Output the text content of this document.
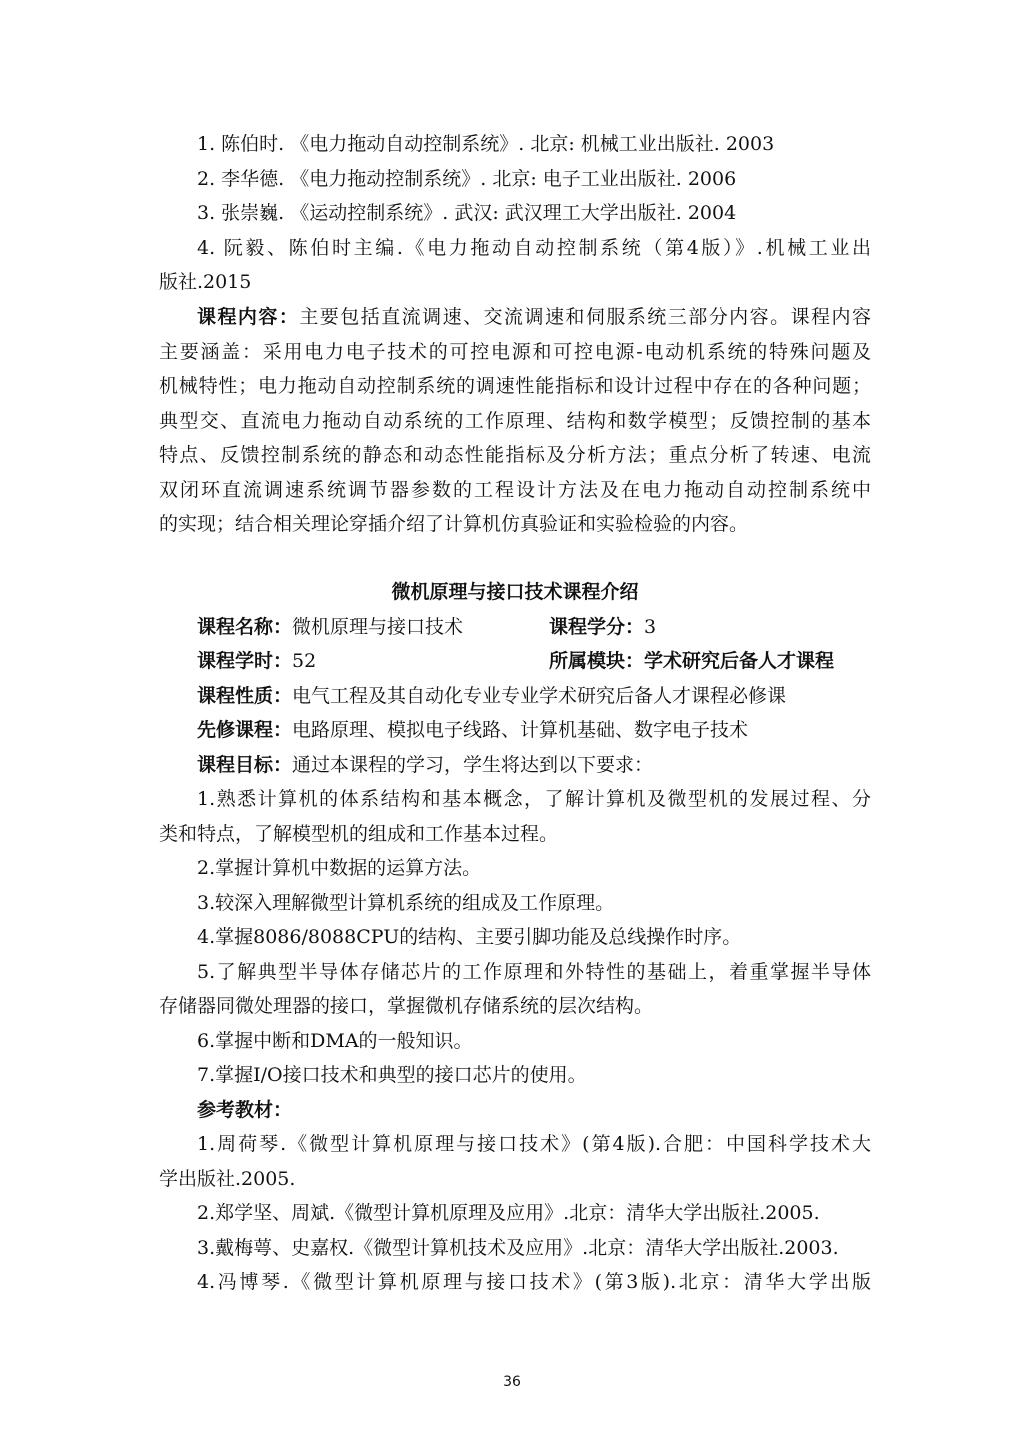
1. 陈伯时. 《电力拖动自动控制系统》. 北京: 机械工业出版社. 2003
2. 李华德. 《电力拖动控制系统》. 北京: 电子工业出版社. 2006
3. 张崇巍. 《运动控制系统》. 武汉: 武汉理工大学出版社. 2004
4. 阮毅、陈伯时主编.《电力拖动自动控制系统（第4版）》.机械工业出
版社.2015
课程内容：主要包括直流调速、交流调速和伺服系统三部分内容。课程内容
主要涵盖：采用电力电子技术的可控电源和可控电源-电动机系统的特殊问题及
机械特性；电力拖动自动控制系统的调速性能指标和设计过程中存在的各种问题；
典型交、直流电力拖动自动系统的工作原理、结构和数学模型；反馈控制的基本
特点、反馈控制系统的静态和动态性能指标及分析方法；重点分析了转速、电流
双闭环直流调速系统调节器参数的工程设计方法及在电力拖动自动控制系统中
的实现；结合相关理论穿插介绍了计算机仿真验证和实验检验的内容。
微机原理与接口技术课程介绍
课程名称：微机原理与接口技术	课程学分：3
课程学时：52	所属模块：学术研究后备人才课程
课程性质：电气工程及其自动化专业专业学术研究后备人才课程必修课
先修课程：电路原理、模拟电子线路、计算机基础、数字电子技术
课程目标：通过本课程的学习，学生将达到以下要求：
1.熟悉计算机的体系结构和基本概念，了解计算机及微型机的发展过程、分
类和特点，了解模型机的组成和工作基本过程。
2.掌握计算机中数据的运算方法。
3.较深入理解微型计算机系统的组成及工作原理。
4.掌握8086/8088CPU的结构、主要引脚功能及总线操作时序。
5.了解典型半导体存储芯片的工作原理和外特性的基础上，着重掌握半导体
存储器同微处理器的接口，掌握微机存储系统的层次结构。
6.掌握中断和DMA的一般知识。
7.掌握I/O接口技术和典型的接口芯片的使用。
参考教材：
1.周荷琴.《微型计算机原理与接口技术》(第4版).合肥：中国科学技术大
学出版社.2005.
2.郑学坚、周斌.《微型计算机原理及应用》.北京：清华大学出版社.2005.
3.戴梅萼、史嘉权.《微型计算机技术及应用》.北京：清华大学出版社.2003.
4.冯博琴.《微型计算机原理与接口技术》(第3版).北京：清华大学出版
36
